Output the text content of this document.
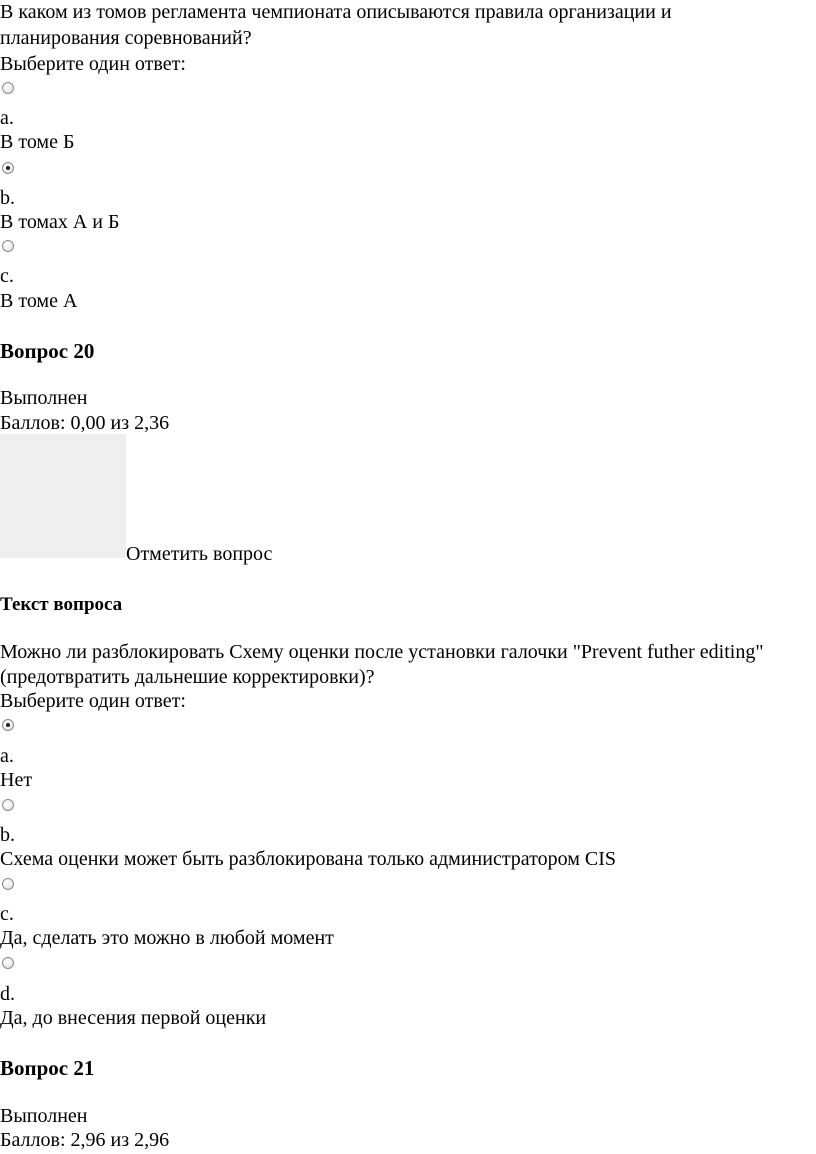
В каком из томов регламента чемпионата описываются правила организации и
планирования соревнований?
Выберите один ответ:
a.
В томе Б
b.
В томах А и Б
c.
В томе А
Вопрос 20
Выполнен
Баллов: 0,00 из 2,36
Отметить вопрос
Текст вопроса
Можно ли разблокировать Схему оценки после установки галочки "Prevent futher editing"
(предотвратить дальнешие корректировки)?
Выберите один ответ:
a.
Нет
b.
Схема оценки может быть разблокирована только администратором CIS
c.
Да, сделать это можно в любой момент
d.
Да, до внесения первой оценки
Вопрос 21
Выполнен
Баллов: 2,96 из 2,96
